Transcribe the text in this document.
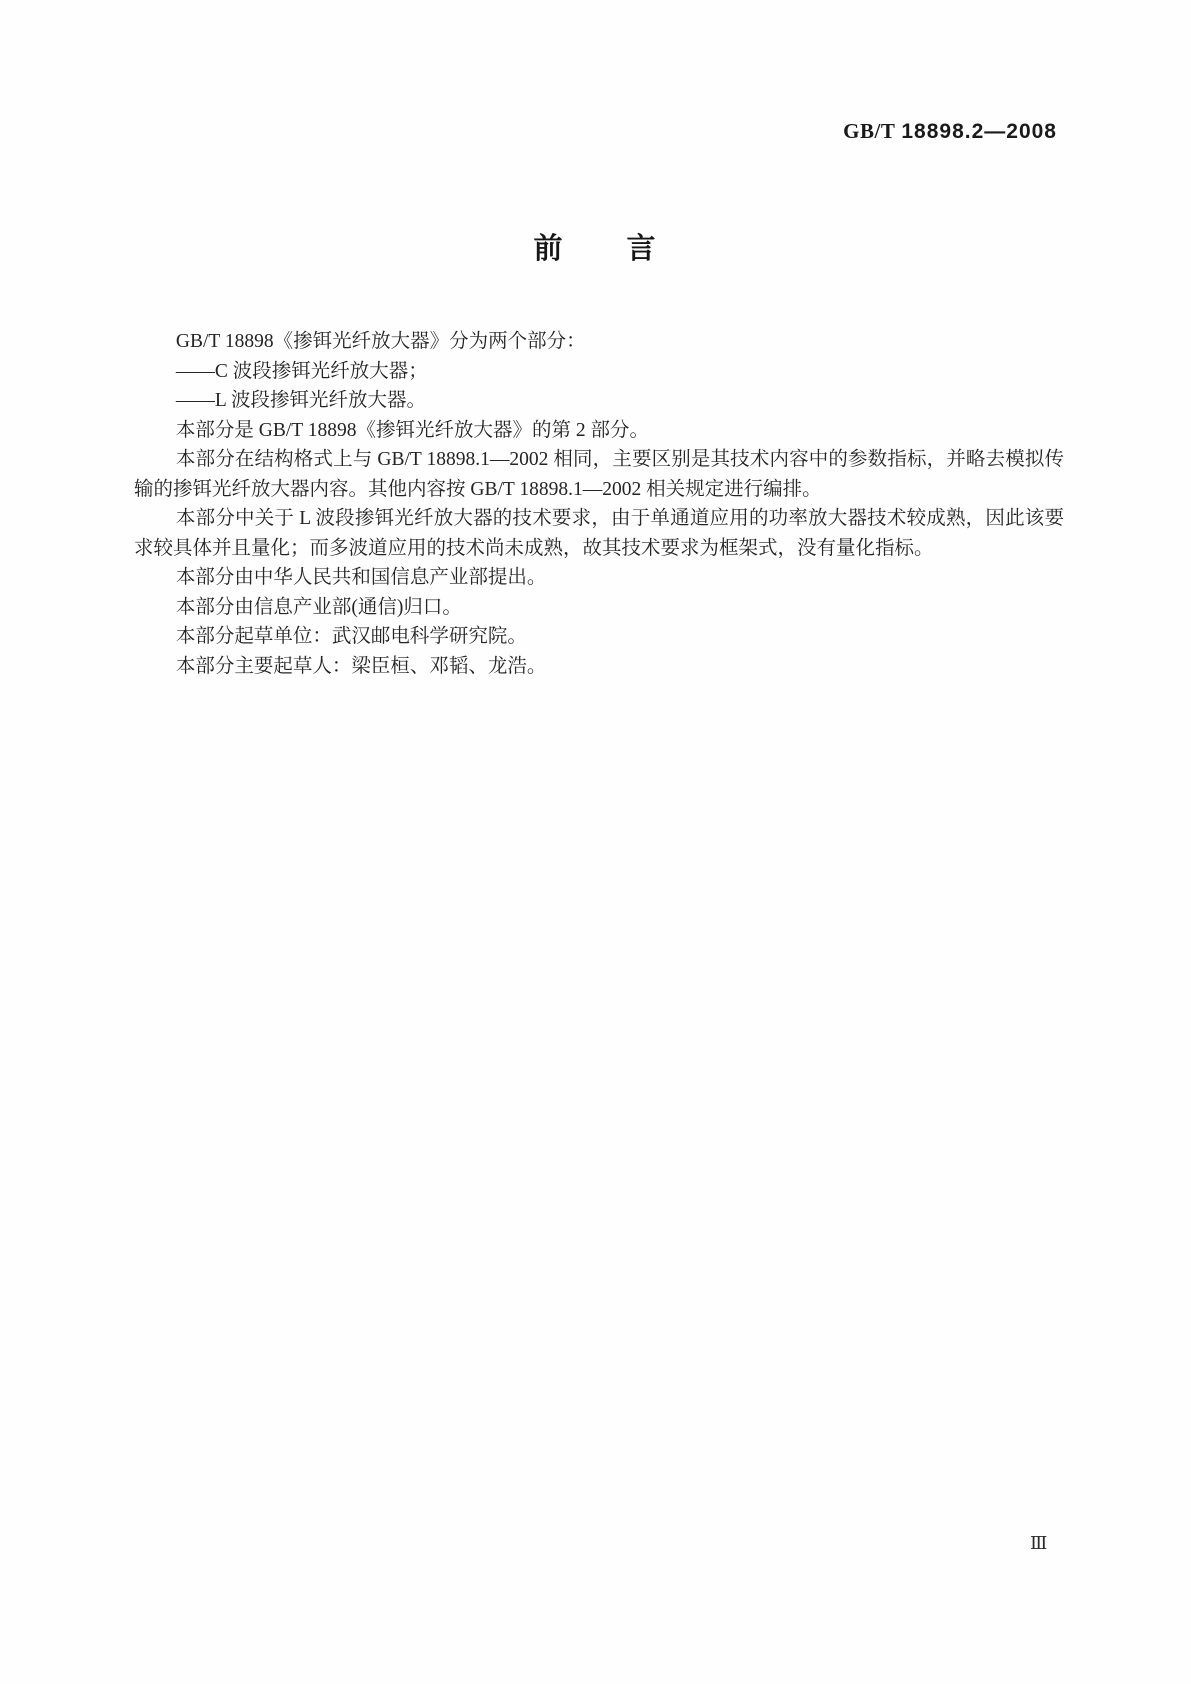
GB/T 18898.2—2008
前　　言

GB/T 18898《掺铒光纤放大器》分为两个部分：

——C 波段掺铒光纤放大器；

——L 波段掺铒光纤放大器。

本部分是 GB/T 18898《掺铒光纤放大器》的第 2 部分。

本部分在结构格式上与 GB/T 18898.1—2002 相同，主要区别是其技术内容中的参数指标，并略去模拟传输的掺铒光纤放大器内容。其他内容按 GB/T 18898.1—2002 相关规定进行编排。

本部分中关于 L 波段掺铒光纤放大器的技术要求，由于单通道应用的功率放大器技术较成熟，因此该要求较具体并且量化；而多波道应用的技术尚未成熟，故其技术要求为框架式，没有量化指标。

本部分由中华人民共和国信息产业部提出。

本部分由信息产业部(通信)归口。

本部分起草单位：武汉邮电科学研究院。

本部分主要起草人：梁臣桓、邓韬、龙浩。

Ⅲ
